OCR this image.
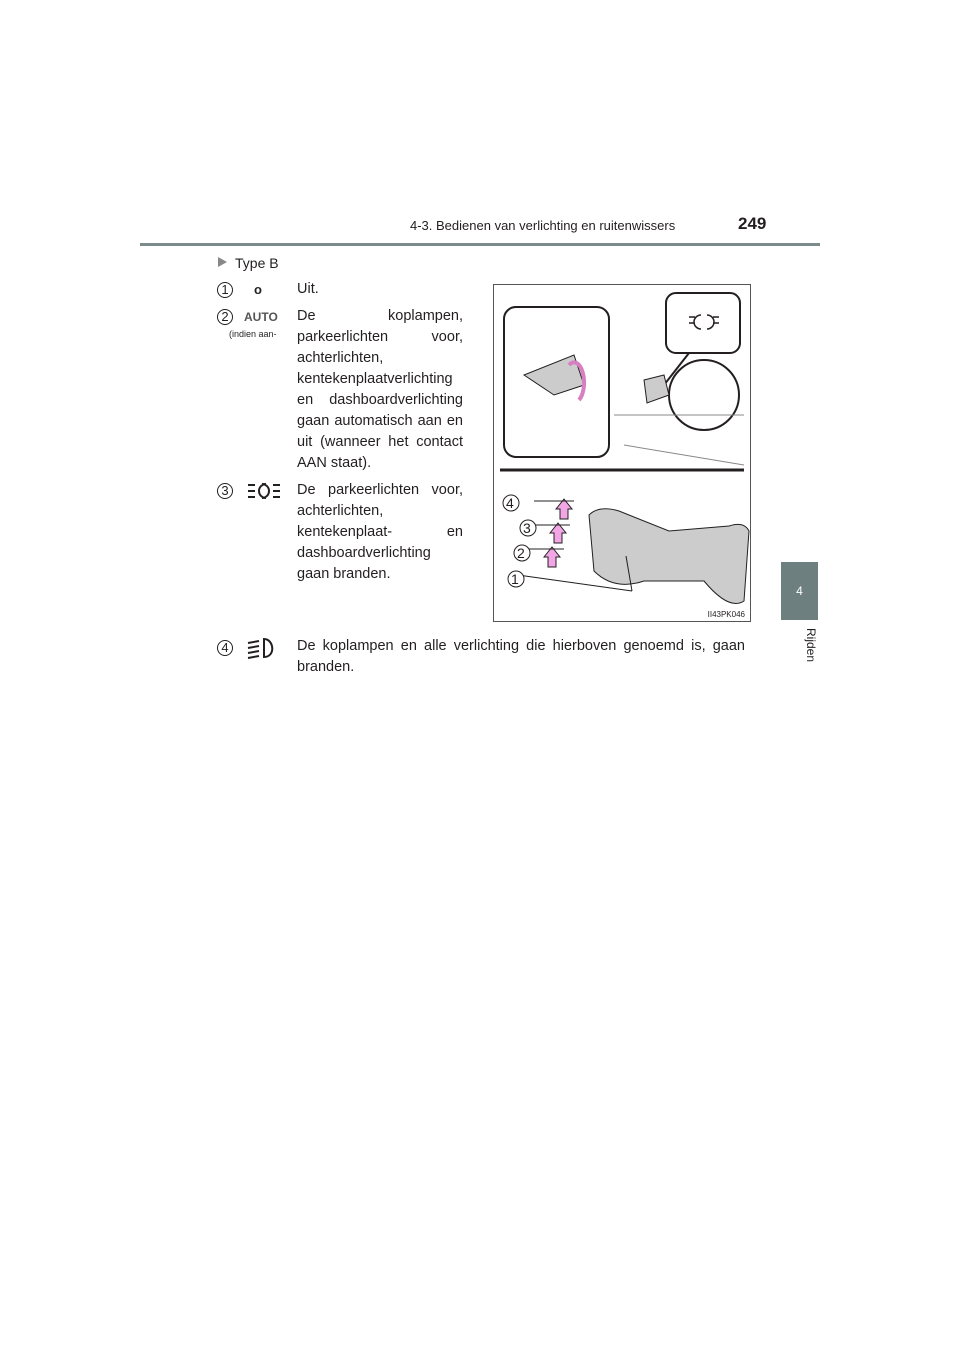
4-3. Bedienen van verlichting en ruitenwissers	249
4
Rijden
Type B
1	o Uit.
2	AUTO
(indien aan-
De koplampen, parkeerlichten voor, achterlichten, kentekenplaatverlichting en dashboardverlichting gaan automatisch aan en uit (wanneer het contact AAN staat).
3	De parkeerlichten voor, achterlichten, kentekenplaat- en dashboardverlichting gaan branden.
4	De koplampen en alle verlichting die hierboven genoemd is, gaan branden.
4
3
2
1
II43PK046
